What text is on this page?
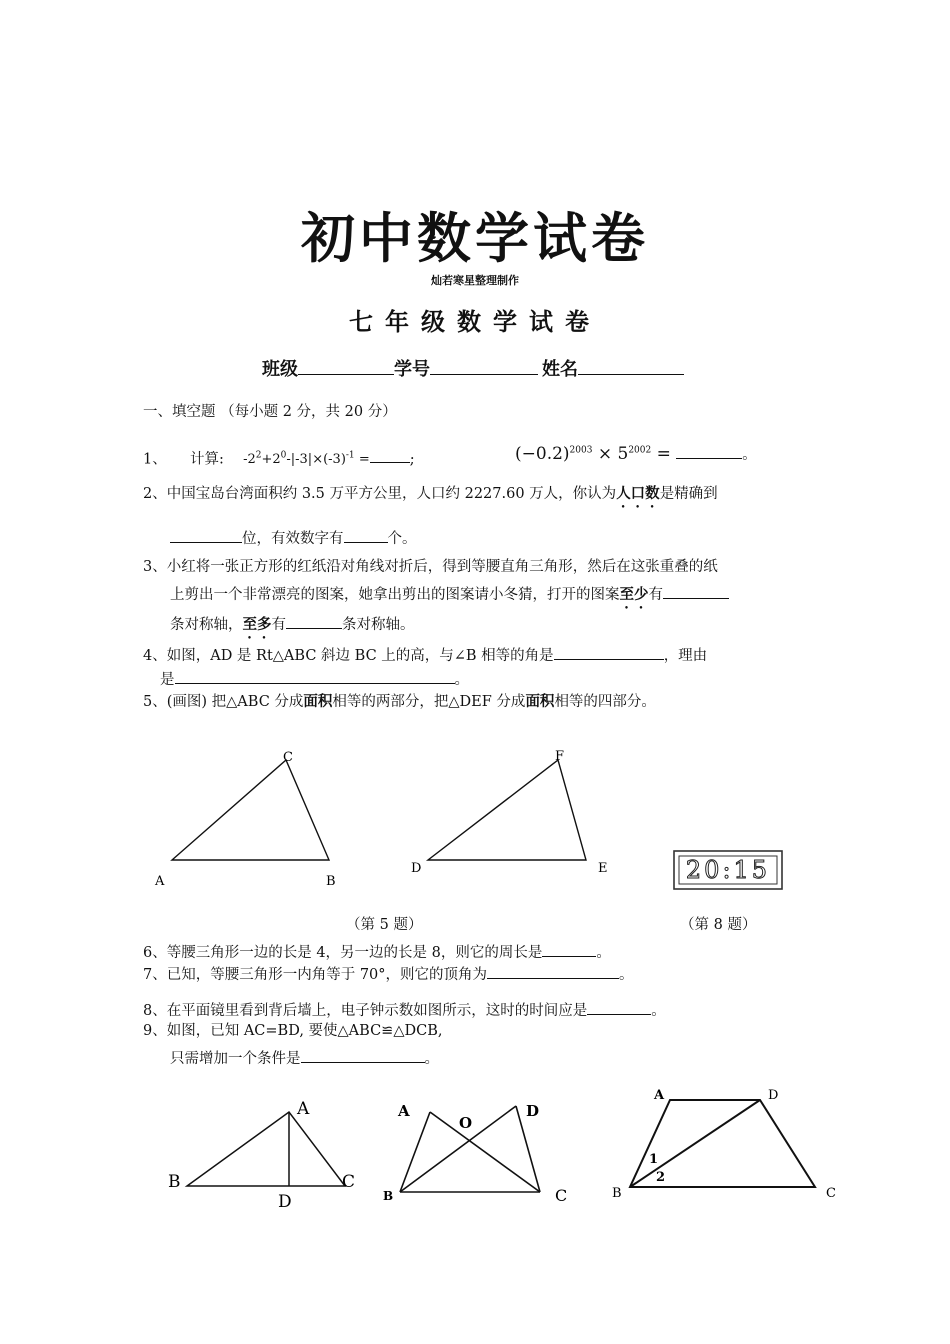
初中数学试卷
灿若寒星整理制作
七年级数学试卷
班级	学号	姓名
一、填空题 （每小题 2 分，共 20 分）
1、 计算: $-2^2+2^0-|-3|\times(-3)^{-1}$ =	;	$(-0.2)^{2003} \times 5^{2002}$ =	。
2、中国宝岛台湾面积约 3.5 万平方公里，人口约 2227.60 万人，你认为人口数是精确到
位，有效数字有	个。
3、小红将一张正方形的红纸沿对角线对折后，得到等腰直角三角形，然后在这张重叠的纸
上剪出一个非常漂亮的图案，她拿出剪出的图案请小冬猜，打开的图案至少有
条对称轴，至多有	条对称轴。
4、如图，AD 是 Rt△ABC 斜边 BC 上的高，与∠B 相等的角是	，理由
是	。
5、(画图) 把△ABC 分成面积相等的两部分，把△DEF 分成面积相等的四部分。
A	B
C
D	E
F
20:15
（第 5 题）	（第 8 题）
6、等腰三角形一边的长是 4，另一边的长是 8，则它的周长是	。
7、已知，等腰三角形一内角等于 70°，则它的顶角为	。
8、在平面镜里看到背后墙上，电子钟示数如图所示，这时的时间应是	。
9、如图，已知 AC=BD, 要使△ABC≌△DCB,
只需增加一个条件是	。
B
A
C
D
A
O
D
B	C
A	D
B	C
1
2
